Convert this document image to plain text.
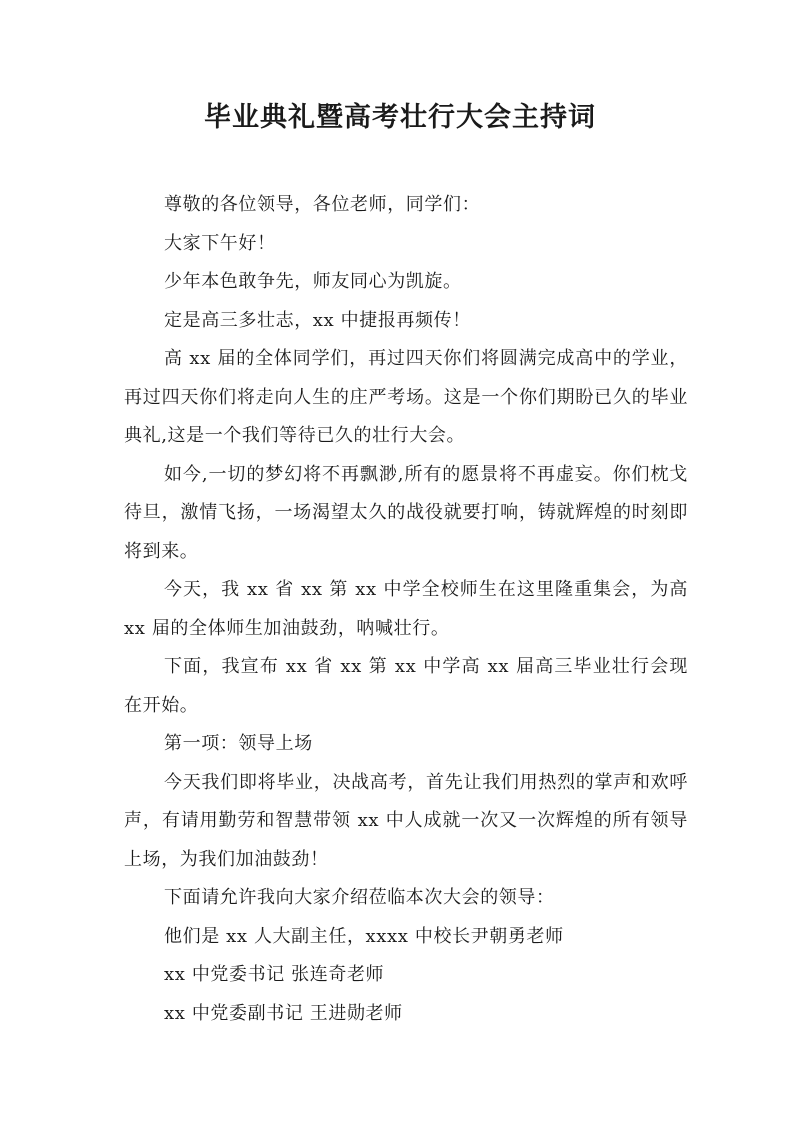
毕业典礼暨高考壮行大会主持词

尊敬的各位领导，各位老师，同学们：

大家下午好！

少年本色敢争先，师友同心为凯旋。

定是高三多壮志，xx 中捷报再频传！

高 xx 届的全体同学们，再过四天你们将圆满完成高中的学业，再过四天你们将走向人生的庄严考场。这是一个你们期盼已久的毕业典礼,这是一个我们等待已久的壮行大会。

如今,一切的梦幻将不再飘渺,所有的愿景将不再虚妄。你们枕戈待旦，激情飞扬，一场渴望太久的战役就要打响，铸就辉煌的时刻即将到来。

今天，我 xx 省 xx 第 xx 中学全校师生在这里隆重集会，为高 xx 届的全体师生加油鼓劲，呐喊壮行。

下面，我宣布 xx 省 xx 第 xx 中学高 xx 届高三毕业壮行会现在开始。

第一项：领导上场

今天我们即将毕业，决战高考，首先让我们用热烈的掌声和欢呼声，有请用勤劳和智慧带领 xx 中人成就一次又一次辉煌的所有领导上场，为我们加油鼓劲！

下面请允许我向大家介绍莅临本次大会的领导：

他们是 xx 人大副主任，xxxx 中校长尹朝勇老师

xx 中党委书记 张连奇老师

xx 中党委副书记 王进勋老师
